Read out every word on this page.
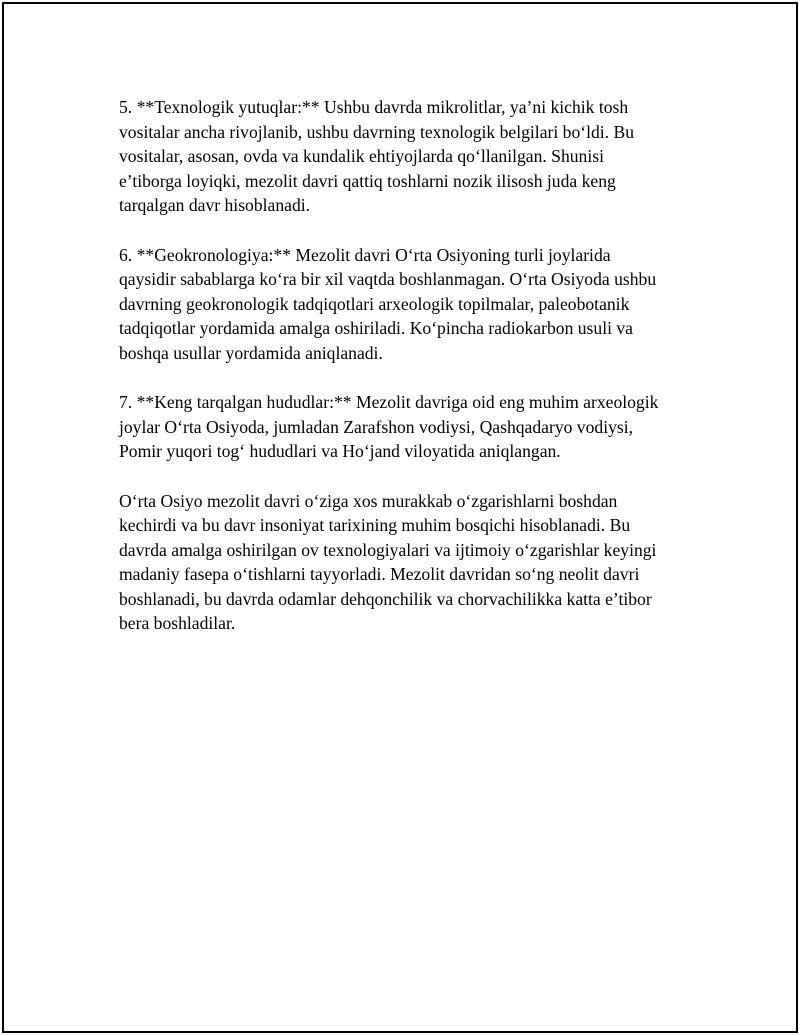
5. **Texnologik yutuqlar:** Ushbu davrda mikrolitlar, ya’ni kichik tosh
vositalar ancha rivojlanib, ushbu davrning texnologik belgilari bo‘ldi. Bu
vositalar, asosan, ovda va kundalik ehtiyojlarda qo‘llanilgan. Shunisi
e’tiborga loyiqki, mezolit davri qattiq toshlarni nozik ilisosh juda keng
tarqalgan davr hisoblanadi.

6. **Geokronologiya:** Mezolit davri O‘rta Osiyoning turli joylarida
qaysidir sabablarga ko‘ra bir xil vaqtda boshlanmagan. O‘rta Osiyoda ushbu
davrning geokronologik tadqiqotlari arxeologik topilmalar, paleobotanik
tadqiqotlar yordamida amalga oshiriladi. Ko‘pincha radiokarbon usuli va
boshqa usullar yordamida aniqlanadi.

7. **Keng tarqalgan hududlar:** Mezolit davriga oid eng muhim arxeologik
joylar O‘rta Osiyoda, jumladan Zarafshon vodiysi, Qashqadaryo vodiysi,
Pomir yuqori tog‘ hududlari va Ho‘jand viloyatida aniqlangan.

O‘rta Osiyo mezolit davri o‘ziga xos murakkab o‘zgarishlarni boshdan
kechirdi va bu davr insoniyat tarixining muhim bosqichi hisoblanadi. Bu
davrda amalga oshirilgan ov texnologiyalari va ijtimoiy o‘zgarishlar keyingi
madaniy fasepa o‘tishlarni tayyorladi. Mezolit davridan so‘ng neolit davri
boshlanadi, bu davrda odamlar dehqonchilik va chorvachilikka katta e’tibor
bera boshladilar.
